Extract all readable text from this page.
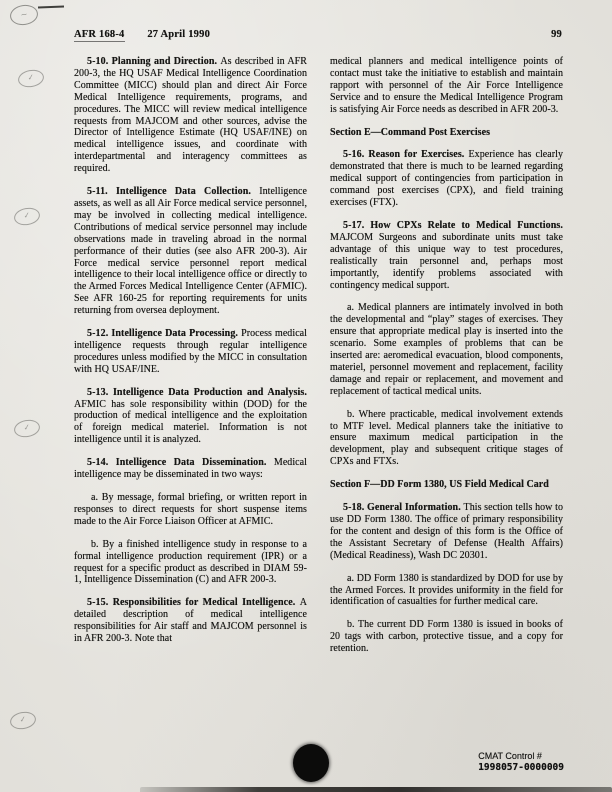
~
99
AFR 168-4 27 April 1990
5-10. Planning and Direction. As described in AFR 200-3, the HQ USAF Medical Intelligence Coordination Committee (MICC) should plan and direct Air Force Medical Intelligence requirements, programs, and procedures. The MICC will review medical intelligence requests from MAJCOM and other sources, advise the Director of Intelligence Estimate (HQ USAF/INE) on medical intelligence issues, and coordinate with interdepartmental and interagency committees as required.
5-11. Intelligence Data Collection. Intelligence assets, as well as all Air Force medical service personnel, may be involved in collecting medical intelligence. Contributions of medical service personnel may include observations made in traveling abroad in the normal performance of their duties (see also AFR 200-3). Air Force medical service personnel report medical intelligence to their local intelligence office or directly to the Armed Forces Medical Intelligence Center (AFMIC). See AFR 160-25 for reporting requirements for units returning from oversea deployment.
5-12. Intelligence Data Processing. Process medical intelligence requests through regular intelligence procedures unless modified by the MICC in consultation with HQ USAF/INE.
5-13. Intelligence Data Production and Analysis. AFMIC has sole responsibility within (DOD) for the production of medical intelligence and the exploitation of foreign medical materiel. Information is not intelligence until it is analyzed.
5-14. Intelligence Data Dissemination. Medical intelligence may be disseminated in two ways:
a. By message, formal briefing, or written report in responses to direct requests for short suspense items made to the Air Force Liaison Officer at AFMIC.
b. By a finished intelligence study in response to a formal intelligence production requirement (IPR) or a request for a specific product as described in DIAM 59-1, Intelligence Dissemination (C) and AFR 200-3.
5-15. Responsibilities for Medical Intelligence. A detailed description of medical intelligence responsibilities for Air staff and MAJCOM personnel is in AFR 200-3. Note that
medical planners and medical intelligence points of contact must take the initiative to establish and maintain rapport with personnel of the Air Force Intelligence Service and to ensure the Medical Intelligence Program is satisfying Air Force needs as described in AFR 200-3.
Section E—Command Post Exercises
5-16. Reason for Exercises. Experience has clearly demonstrated that there is much to be learned regarding medical support of contingencies from participation in command post exercises (CPX), and field training exercises (FTX).
5-17. How CPXs Relate to Medical Functions. MAJCOM Surgeons and subordinate units must take advantage of this unique way to test procedures, realistically train personnel and, perhaps most importantly, identify problems associated with contingency medical support.
a. Medical planners are intimately involved in both the developmental and “play” stages of exercises. They ensure that appropriate medical play is inserted into the scenario. Some examples of problems that can be inserted are: aeromedical evacuation, blood components, materiel, personnel movement and replacement, facility damage and repair or replacement, and movement and replacement of tactical medical units.
b. Where practicable, medical involvement extends to MTF level. Medical planners take the initiative to ensure maximum medical participation in the development, play and subsequent critique stages of CPXs and FTXs.
Section F—DD Form 1380, US Field Medical Card
5-18. General Information. This section tells how to use DD Form 1380. The office of primary responsibility for the content and design of this form is the Office of the Assistant Secretary of Defense (Health Affairs) (Medical Readiness), Wash DC 20301.
a. DD Form 1380 is standardized by DOD for use by the Armed Forces. It provides uniformity in the field for identification of casualties for further medical care.
b. The current DD Form 1380 is issued in books of 20 tags with carbon, protective tissue, and a copy for retention.
✓
✓
✓
✓
CMAT Control #
1998057-0000009
